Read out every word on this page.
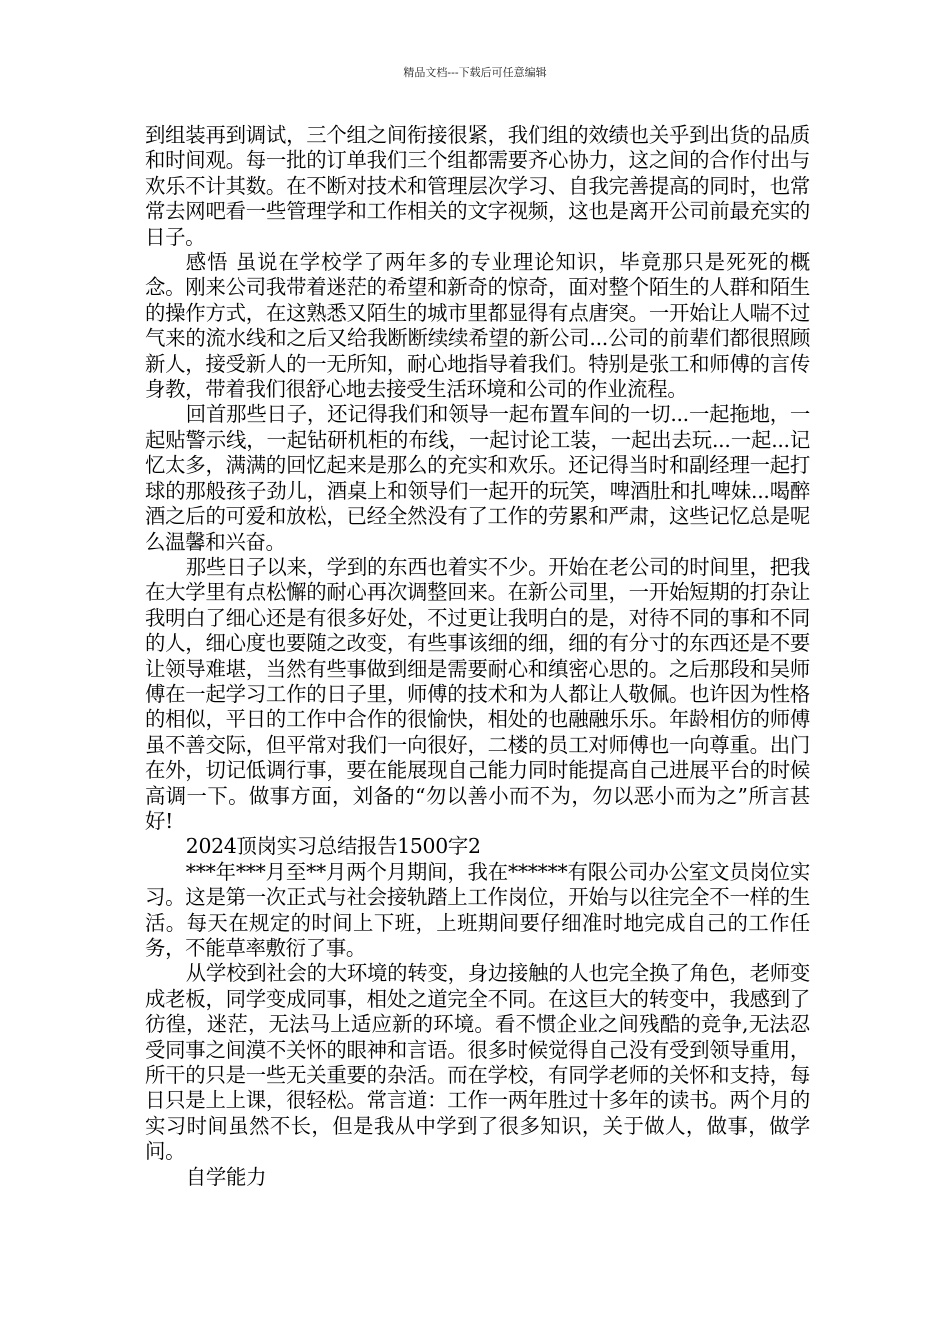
精品文档---下载后可任意编辑

到组装再到调试，三个组之间衔接很紧，我们组的效绩也关乎到出货的品质和时间观。每一批的订单我们三个组都需要齐心协力，这之间的合作付出与欢乐不计其数。在不断对技术和管理层次学习、自我完善提高的同时，也常常去网吧看一些管理学和工作相关的文字视频，这也是离开公司前最充实的日子。

感悟 虽说在学校学了两年多的专业理论知识，毕竟那只是死死的概念。刚来公司我带着迷茫的希望和新奇的惊奇，面对整个陌生的人群和陌生的操作方式，在这熟悉又陌生的城市里都显得有点唐突。一开始让人喘不过气来的流水线和之后又给我断断续续希望的新公司...公司的前辈们都很照顾新人，接受新人的一无所知，耐心地指导着我们。特别是张工和师傅的言传身教，带着我们很舒心地去接受生活环境和公司的作业流程。

回首那些日子，还记得我们和领导一起布置车间的一切...一起拖地，一起贴警示线，一起钻研机柜的布线，一起讨论工装，一起出去玩...一起...记忆太多，满满的回忆起来是那么的充实和欢乐。还记得当时和副经理一起打球的那般孩子劲儿，酒桌上和领导们一起开的玩笑，啤酒肚和扎啤妹...喝醉酒之后的可爱和放松，已经全然没有了工作的劳累和严肃，这些记忆总是呢么温馨和兴奋。

那些日子以来，学到的东西也着实不少。开始在老公司的时间里，把我在大学里有点松懈的耐心再次调整回来。在新公司里，一开始短期的打杂让我明白了细心还是有很多好处，不过更让我明白的是，对待不同的事和不同的人，细心度也要随之改变，有些事该细的细，细的有分寸的东西还是不要让领导难堪，当然有些事做到细是需要耐心和缜密心思的。之后那段和吴师傅在一起学习工作的日子里，师傅的技术和为人都让人敬佩。也许因为性格的相似，平日的工作中合作的很愉快，相处的也融融乐乐。年龄相仿的师傅虽不善交际，但平常对我们一向很好，二楼的员工对师傅也一向尊重。出门在外，切记低调行事，要在能展现自己能力同时能提高自己进展平台的时候高调一下。做事方面，刘备的“勿以善小而不为，勿以恶小而为之”所言甚好!

2024顶岗实习总结报告1500字2

***年***月至**月两个月期间，我在******有限公司办公室文员岗位实习。这是第一次正式与社会接轨踏上工作岗位，开始与以往完全不一样的生活。每天在规定的时间上下班，上班期间要仔细准时地完成自己的工作任务，不能草率敷衍了事。

从学校到社会的大环境的转变，身边接触的人也完全换了角色，老师变成老板，同学变成同事，相处之道完全不同。在这巨大的转变中，我感到了彷徨，迷茫，无法马上适应新的环境。看不惯企业之间残酷的竞争,无法忍受同事之间漠不关怀的眼神和言语。很多时候觉得自己没有受到领导重用，所干的只是一些无关重要的杂活。而在学校，有同学老师的关怀和支持，每日只是上上课，很轻松。常言道：工作一两年胜过十多年的读书。两个月的实习时间虽然不长，但是我从中学到了很多知识，关于做人，做事，做学问。

自学能力
